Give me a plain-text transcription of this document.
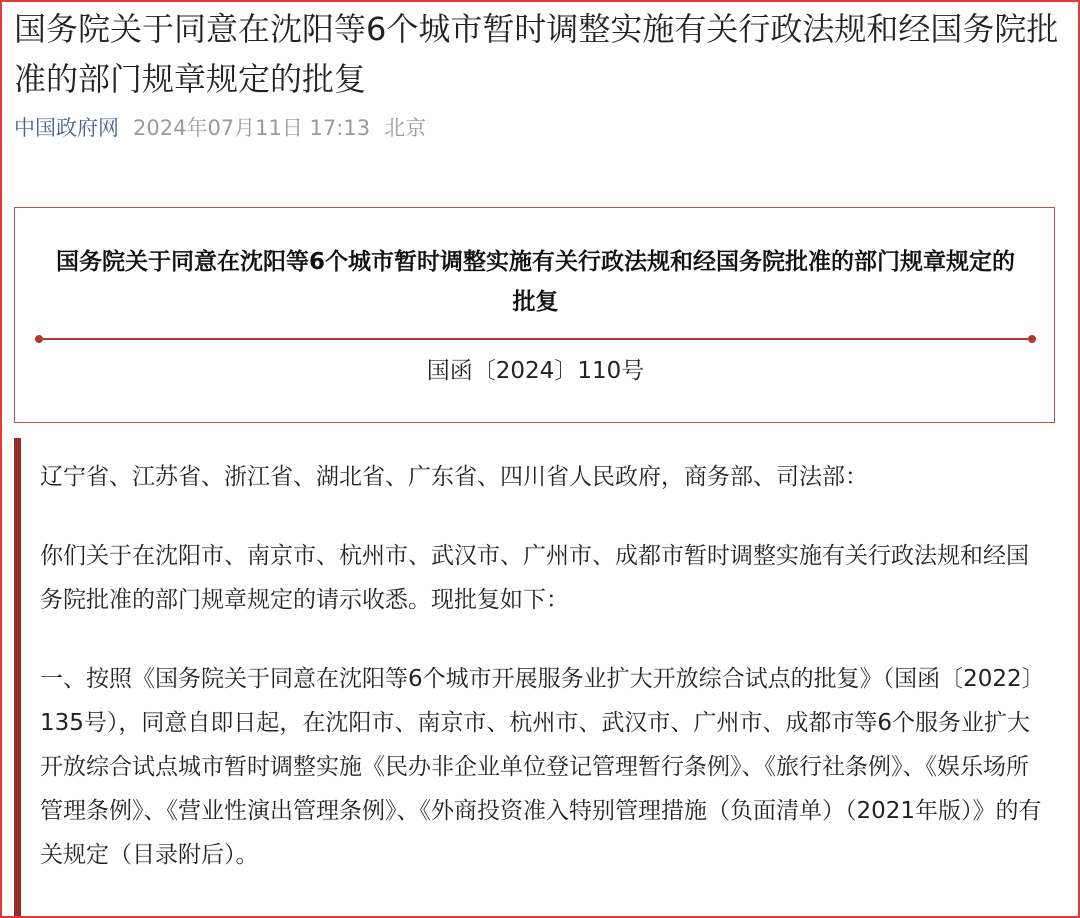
国务院关于同意在沈阳等6个城市暂时调整实施有关行政法规和经国务院批准的部门规章规定的批复
中国政府网 2024年07月11日 17:13 北京
国务院关于同意在沈阳等6个城市暂时调整实施有关行政法规和经国务院批准的部门规章规定的批复
国函〔2024〕110号

辽宁省、江苏省、浙江省、湖北省、广东省、四川省人民政府，商务部、司法部：

你们关于在沈阳市、南京市、杭州市、武汉市、广州市、成都市暂时调整实施有关行政法规和经国务院批准的部门规章规定的请示收悉。现批复如下：

一、按照《国务院关于同意在沈阳等6个城市开展服务业扩大开放综合试点的批复》（国函〔2022〕135号），同意自即日起，在沈阳市、南京市、杭州市、武汉市、广州市、成都市等6个服务业扩大开放综合试点城市暂时调整实施《民办非企业单位登记管理暂行条例》、《旅行社条例》、《娱乐场所管理条例》、《营业性演出管理条例》、《外商投资准入特别管理措施（负面清单）（2021年版）》的有关规定（目录附后）。
